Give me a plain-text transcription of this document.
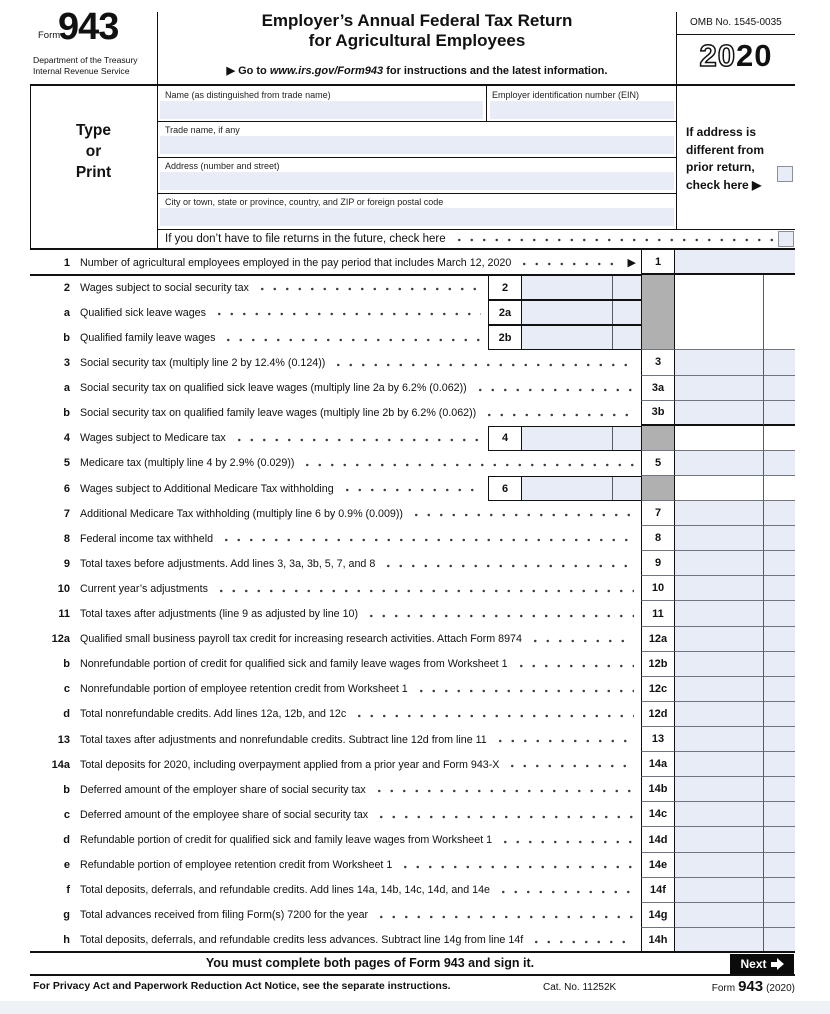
Form
943
Department of the Treasury
Internal Revenue Service
Employer’s Annual Federal Tax Return
for Agricultural Employees
▶ Go to www.irs.gov/Form943 for instructions and the latest information.
OMB No. 1545-0035
2020
Type
or
Print
Name (as distinguished from trade name)	Employer identification number (EIN)
Trade name, if any
Address (number and street)
City or town, state or province, country, and ZIP or foreign postal code
If address is
different from
prior return,
check here ▶
If you don’t have to file returns in the future, check here
1 Number of agricultural employees employed in the pay period that includes March 12, 2020	▶	1
2 Wages subject to social security tax	2
a Qualified sick leave wages	2a
b Qualified family leave wages	2b
3 Social security tax (multiply line 2 by 12.4% (0.124))	3
a Social security tax on qualified sick leave wages (multiply line 2a by 6.2% (0.062))	3a
b Social security tax on qualified family leave wages (multiply line 2b by 6.2% (0.062))	3b
4 Wages subject to Medicare tax	4
5 Medicare tax (multiply line 4 by 2.9% (0.029))	5
6 Wages subject to Additional Medicare Tax withholding	6
7 Additional Medicare Tax withholding (multiply line 6 by 0.9% (0.009))	7
8 Federal income tax withheld	8
9 Total taxes before adjustments. Add lines 3, 3a, 3b, 5, 7, and 8	9
10 Current year’s adjustments	10
11 Total taxes after adjustments (line 9 as adjusted by line 10)	11
12a Qualified small business payroll tax credit for increasing research activities. Attach Form 8974	12a
b Nonrefundable portion of credit for qualified sick and family leave wages from Worksheet 1	12b
c Nonrefundable portion of employee retention credit from Worksheet 1	12c
d Total nonrefundable credits. Add lines 12a, 12b, and 12c	12d
13 Total taxes after adjustments and nonrefundable credits. Subtract line 12d from line 11	13
14a Total deposits for 2020, including overpayment applied from a prior year and Form 943-X	14a
b Deferred amount of the employer share of social security tax	14b
c Deferred amount of the employee share of social security tax	14c
d Refundable portion of credit for qualified sick and family leave wages from Worksheet 1	14d
e Refundable portion of employee retention credit from Worksheet 1	14e
f Total deposits, deferrals, and refundable credits. Add lines 14a, 14b, 14c, 14d, and 14e	14f
g Total advances received from filing Form(s) 7200 for the year	14g
h Total deposits, deferrals, and refundable credits less advances. Subtract line 14g from line 14f	14h
You must complete both pages of Form 943 and sign it.	Next
For Privacy Act and Paperwork Reduction Act Notice, see the separate instructions.	Cat. No. 11252K	Form 943 (2020)
